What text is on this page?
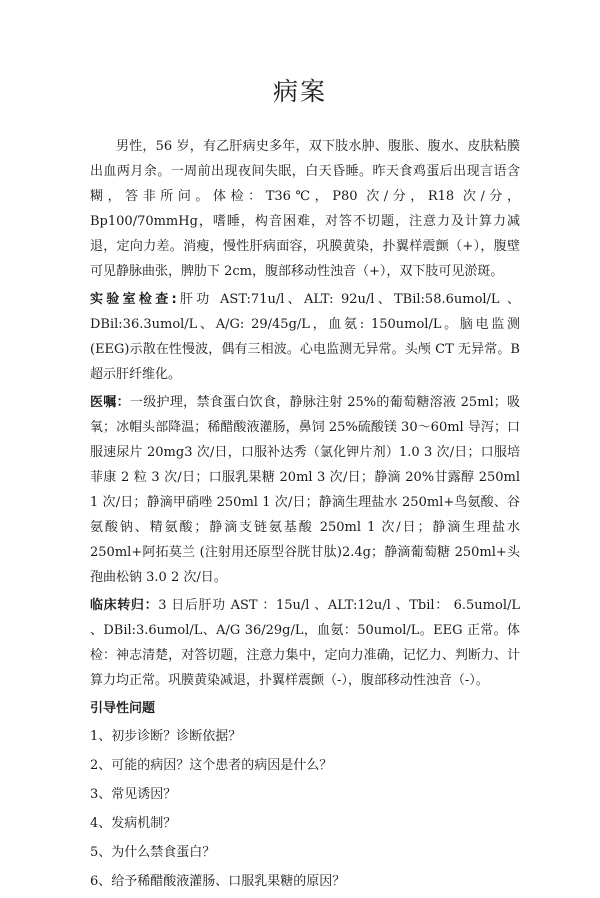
病案

男性，56 岁，有乙肝病史多年，双下肢水肿、腹胀、腹水、皮肤粘膜出血两月余。一周前出现夜间失眠，白天昏睡。昨天食鸡蛋后出现言语含糊，答非所问。体检：T36℃，P80 次/分，R18 次/分，Bp100/70mmHg，嗜睡，构音困难，对答不切题，注意力及计算力减退，定向力差。消瘦，慢性肝病面容，巩膜黄染，扑翼样震颤（+），腹壁可见静脉曲张，脾肋下 2cm，腹部移动性浊音（+），双下肢可见淤斑。

实验室检查:肝功 AST:71u/l、ALT: 92u/l、TBil:58.6umol/L 、DBil:36.3umol/L、A/G: 29/45g/L，血氨: 150umol/L。脑电监测(EEG)示散在性慢波，偶有三相波。心电监测无异常。头颅 CT 无异常。B 超示肝纤维化。

医嘱：一级护理，禁食蛋白饮食，静脉注射 25%的葡萄糖溶液 25ml；吸氧；冰帽头部降温；稀醋酸液灌肠，鼻饲 25%硫酸镁 30～60ml 导泻；口服速尿片 20mg3 次/日，口服补达秀（氯化钾片剂）1.0 3 次/日；口服培菲康 2 粒 3 次/日；口服乳果糖 20ml 3 次/日；静滴 20%甘露醇 250ml 1 次/日；静滴甲硝唑 250ml 1 次/日；静滴生理盐水 250ml+鸟氨酸、谷氨酸钠、精氨酸；静滴支链氨基酸 250ml 1 次/日；静滴生理盐水 250ml+阿拓莫兰 (注射用还原型谷胱甘肽)2.4g；静滴葡萄糖 250ml+头孢曲松钠 3.0 2 次/日。

临床转归：3 日后肝功 AST ：15u/l 、ALT:12u/l 、Tbil： 6.5umol/L 、DBil:3.6umol/L、A/G 36/29g/L，血氨：50umol/L。EEG 正常。体检：神志清楚，对答切题，注意力集中，定向力准确，记忆力、判断力、计算力均正常。巩膜黄染减退，扑翼样震颤（-），腹部移动性浊音（-）。

引导性问题
1、初步诊断？诊断依据？
2、可能的病因？这个患者的病因是什么？
3、常见诱因？
4、发病机制？
5、为什么禁食蛋白？
6、给予稀醋酸液灌肠、口服乳果糖的原因？
